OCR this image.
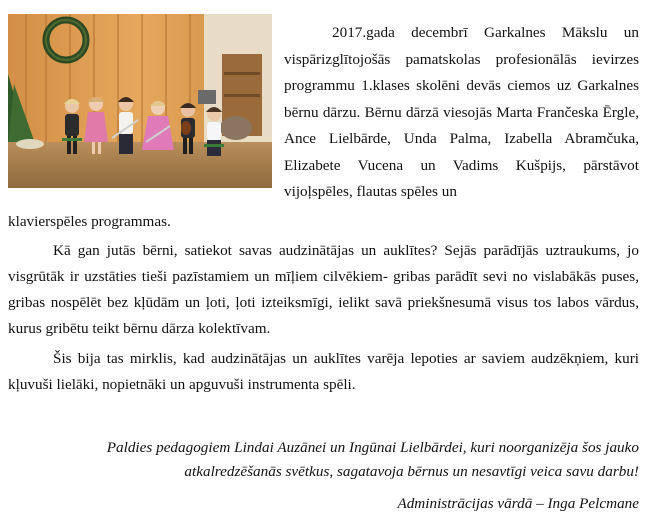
2017.gada decembrī Garkalnes Mākslu un vispārizglītojošās pamatskolas profesionālās ievirzes programmu 1.klases skolēni devās ciemos uz Garkalnes bērnu dārzu. Bērnu dārzā viesojās Marta Frančeska Ērgle, Ance Lielbārde, Unda Palma, Izabella Abramčuka, Elizabete Vucena un Vadims Kušpijs, pārstāvot vijoļspēles, flautas spēles un

klavierspēles programmas.

Kā gan jutās bērni, satiekot savas audzinātājas un auklītes? Sejās parādījās uztraukums, jo visgrūtāk ir uzstāties tieši pazīstamiem un mīļiem cilvēkiem- gribas parādīt sevi no vislabākās puses, gribas nospēlēt bez kļūdām un ļoti, ļoti izteiksmīgi, ielikt savā priekšnesumā visus tos labos vārdus, kurus gribētu teikt bērnu dārza kolektīvam.

Šis bija tas mirklis, kad audzinātājas un auklītes varēja lepoties ar saviem audzēkņiem, kuri kļuvuši lielāki, nopietnāki un apguvuši instrumenta spēli.

Paldies pedagogiem Lindai Auzānei un Ingūnai Lielbārdei, kuri noorganizēja šos jauko atkalredzēšanās svētkus, sagatavoja bērnus un nesavtīgi veica savu darbu!

Administrācijas vārdā – Inga Pelcmane
